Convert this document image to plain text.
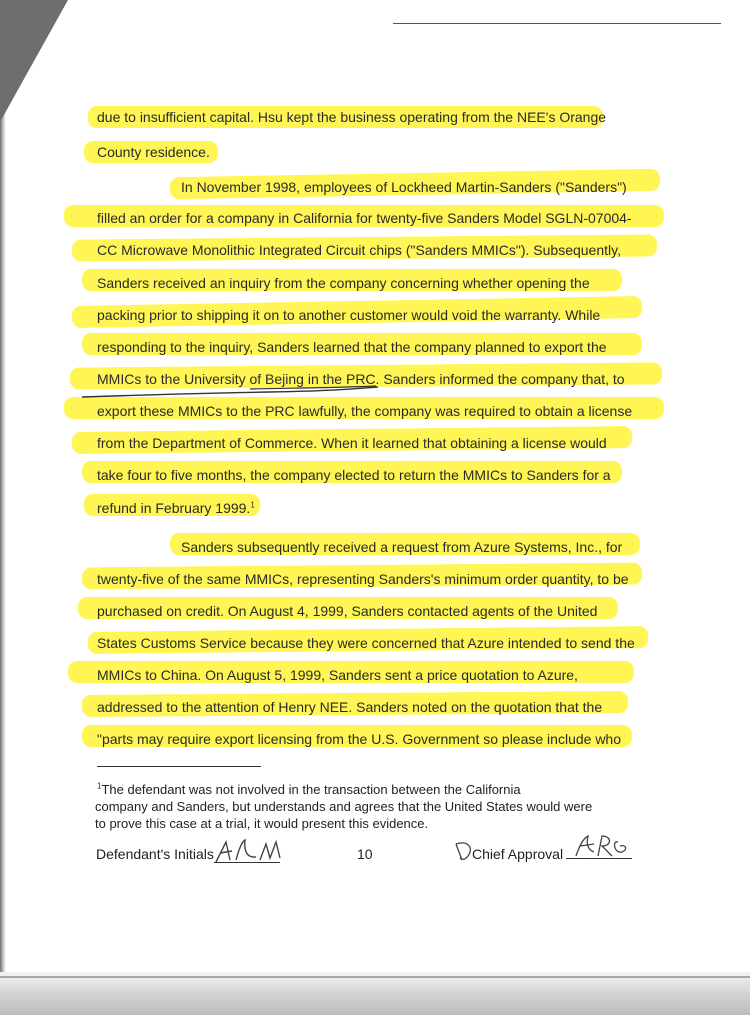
due to insufficient capital. Hsu kept the business operating from the NEE's Orange
County residence.
In November 1998, employees of Lockheed Martin-Sanders ("Sanders")
filled an order for a company in California for twenty-five Sanders Model SGLN-07004-
CC Microwave Monolithic Integrated Circuit chips ("Sanders MMICs"). Subsequently,
Sanders received an inquiry from the company concerning whether opening the
packing prior to shipping it on to another customer would void the warranty. While
responding to the inquiry, Sanders learned that the company planned to export the
MMICs to the University of Bejing in the PRC. Sanders informed the company that, to
export these MMICs to the PRC lawfully, the company was required to obtain a license
from the Department of Commerce. When it learned that obtaining a license would
take four to five months, the company elected to return the MMICs to Sanders for a
refund in February 1999.$^1$
Sanders subsequently received a request from Azure Systems, Inc., for
twenty-five of the same MMICs, representing Sanders's minimum order quantity, to be
purchased on credit. On August 4, 1999, Sanders contacted agents of the United
States Customs Service because they were concerned that Azure intended to send the
MMICs to China. On August 5, 1999, Sanders sent a price quotation to Azure,
addressed to the attention of Henry NEE. Sanders noted on the quotation that the
"parts may require export licensing from the U.S. Government so please include who
$^1$The defendant was not involved in the transaction between the California
company and Sanders, but understands and agrees that the United States would were
to prove this case at a trial, it would present this evidence.
Defendant's Initials	10	Chief Approval
